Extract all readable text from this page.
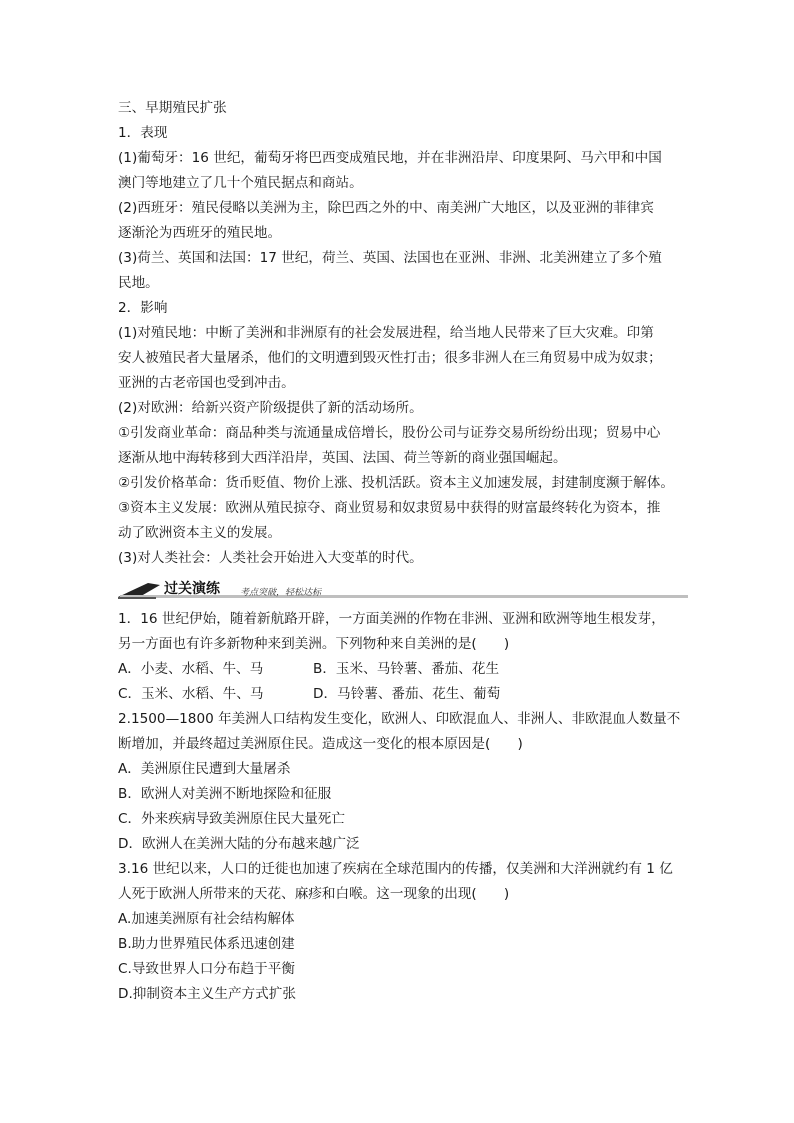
三、早期殖民扩张
1．表现
(1)葡萄牙：16 世纪，葡萄牙将巴西变成殖民地，并在非洲沿岸、印度果阿、马六甲和中国
澳门等地建立了几十个殖民据点和商站。
(2)西班牙：殖民侵略以美洲为主，除巴西之外的中、南美洲广大地区，以及亚洲的菲律宾
逐渐沦为西班牙的殖民地。
(3)荷兰、英国和法国：17 世纪，荷兰、英国、法国也在亚洲、非洲、北美洲建立了多个殖
民地。
2．影响
(1)对殖民地：中断了美洲和非洲原有的社会发展进程，给当地人民带来了巨大灾难。印第
安人被殖民者大量屠杀，他们的文明遭到毁灭性打击；很多非洲人在三角贸易中成为奴隶；
亚洲的古老帝国也受到冲击。
(2)对欧洲：给新兴资产阶级提供了新的活动场所。
①引发商业革命：商品种类与流通量成倍增长，股份公司与证券交易所纷纷出现；贸易中心
逐渐从地中海转移到大西洋沿岸，英国、法国、荷兰等新的商业强国崛起。
②引发价格革命：货币贬值、物价上涨、投机活跃。资本主义加速发展，封建制度濒于解体。
③资本主义发展：欧洲从殖民掠夺、商业贸易和奴隶贸易中获得的财富最终转化为资本，推
动了欧洲资本主义的发展。
(3)对人类社会：人类社会开始进入大变革的时代。
过关演练 考点突破，轻松达标
1．16 世纪伊始，随着新航路开辟，一方面美洲的作物在非洲、亚洲和欧洲等地生根发芽，
另一方面也有许多新物种来到美洲。下列物种来自美洲的是(　　)
A．小麦、水稻、牛、马	B．玉米、马铃薯、番茄、花生
C．玉米、水稻、牛、马	D．马铃薯、番茄、花生、葡萄
2.1500—1800 年美洲人口结构发生变化，欧洲人、印欧混血人、非洲人、非欧混血人数量不
断增加，并最终超过美洲原住民。造成这一变化的根本原因是(　　)
A．美洲原住民遭到大量屠杀
B．欧洲人对美洲不断地探险和征服
C．外来疾病导致美洲原住民大量死亡
D．欧洲人在美洲大陆的分布越来越广泛
3.16 世纪以来，人口的迁徙也加速了疾病在全球范围内的传播，仅美洲和大洋洲就约有 1 亿
人死于欧洲人所带来的天花、麻疹和白喉。这一现象的出现(　　)
A.加速美洲原有社会结构解体
B.助力世界殖民体系迅速创建
C.导致世界人口分布趋于平衡
D.抑制资本主义生产方式扩张
